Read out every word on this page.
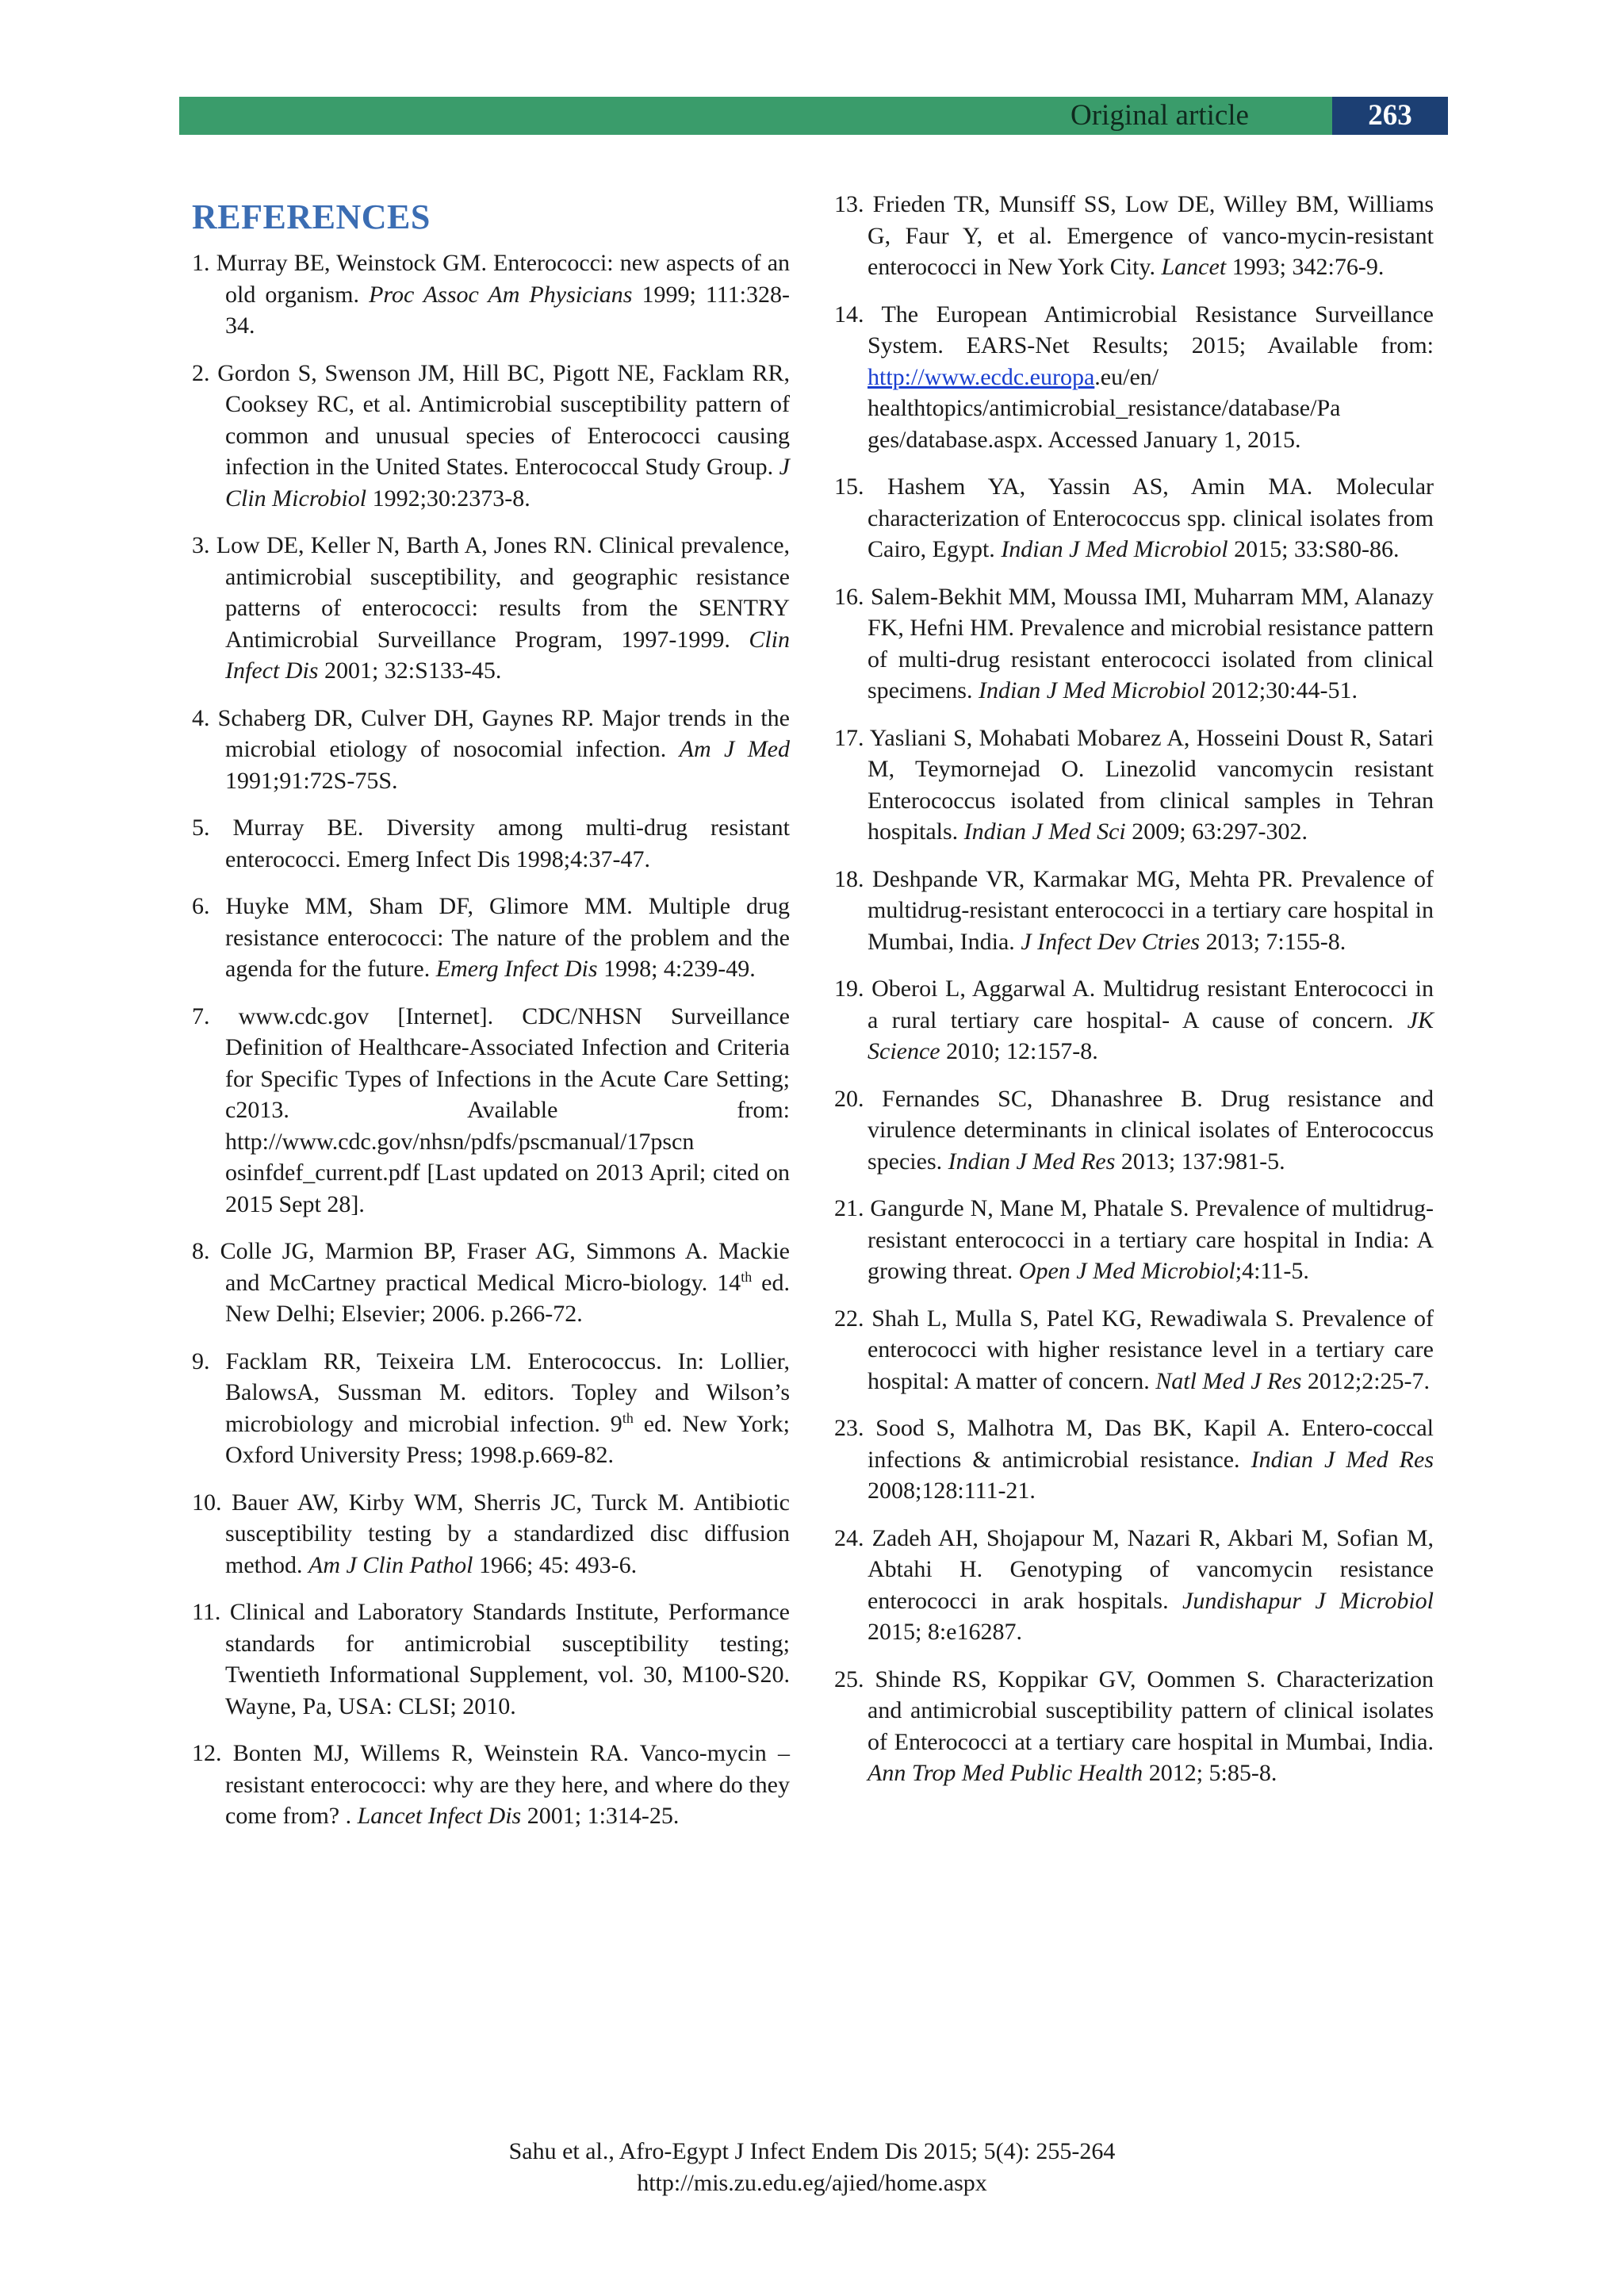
Original article	263
REFERENCES

1. Murray BE, Weinstock GM. Enterococci: new aspects of an old organism. Proc Assoc Am Physicians 1999; 111:328-34.

2. Gordon S, Swenson JM, Hill BC, Pigott NE, Facklam RR, Cooksey RC, et al. Antimicrobial susceptibility pattern of common and unusual species of Enterococci causing infection in the United States. Enterococcal Study Group. J Clin Microbiol 1992;30:2373-8.

3. Low DE, Keller N, Barth A, Jones RN. Clinical prevalence, antimicrobial susceptibility, and geographic resistance patterns of enterococci: results from the SENTRY Antimicrobial Surveillance Program, 1997-1999. Clin Infect Dis 2001; 32:S133-45.

4. Schaberg DR, Culver DH, Gaynes RP. Major trends in the microbial etiology of nosocomial infection. Am J Med 1991;91:72S-75S.

5. Murray BE. Diversity among multi-drug resistant enterococci. Emerg Infect Dis 1998;4:37-47.

6. Huyke MM, Sham DF, Glimore MM. Multiple drug resistance enterococci: The nature of the problem and the agenda for the future. Emerg Infect Dis 1998; 4:239-49.

7. www.cdc.gov [Internet]. CDC/NHSN Surveillance Definition of Healthcare-Associated Infection and Criteria for Specific Types of Infections in the Acute Care Setting; c2013. Available from: http://www.cdc.gov/nhsn/pdfs/pscmanual/17pscn osinfdef_current.pdf [Last updated on 2013 April; cited on 2015 Sept 28].

8. Colle JG, Marmion BP, Fraser AG, Simmons A. Mackie and McCartney practical Medical Micro-biology. 14th ed. New Delhi; Elsevier; 2006. p.266-72.

9. Facklam RR, Teixeira LM. Enterococcus. In: Lollier, BalowsA, Sussman M. editors. Topley and Wilson’s microbiology and microbial infection. 9th ed. New York; Oxford University Press; 1998.p.669-82.

10. Bauer AW, Kirby WM, Sherris JC, Turck M. Antibiotic susceptibility testing by a standardized disc diffusion method. Am J Clin Pathol 1966; 45: 493-6.

11. Clinical and Laboratory Standards Institute, Performance standards for antimicrobial susceptibility testing; Twentieth Informational Supplement, vol. 30, M100-S20. Wayne, Pa, USA: CLSI; 2010.

12. Bonten MJ, Willems R, Weinstein RA. Vanco-mycin –resistant enterococci: why are they here, and where do they come from? . Lancet Infect Dis 2001; 1:314-25.

13. Frieden TR, Munsiff SS, Low DE, Willey BM, Williams G, Faur Y, et al. Emergence of vanco-mycin-resistant enterococci in New York City. Lancet 1993; 342:76-9.

14. The European Antimicrobial Resistance Surveillance System. EARS-Net Results; 2015; Available from: http://www.ecdc.europa.eu/en/ healthtopics/antimicrobial_resistance/database/Pa ges/database.aspx. Accessed January 1, 2015.

15. Hashem YA, Yassin AS, Amin MA. Molecular characterization of Enterococcus spp. clinical isolates from Cairo, Egypt. Indian J Med Microbiol 2015; 33:S80-86.

16. Salem-Bekhit MM, Moussa IMI, Muharram MM, Alanazy FK, Hefni HM. Prevalence and microbial resistance pattern of multi-drug resistant enterococci isolated from clinical specimens. Indian J Med Microbiol 2012;30:44-51.

17. Yasliani S, Mohabati Mobarez A, Hosseini Doust R, Satari M, Teymornejad O. Linezolid vancomycin resistant Enterococcus isolated from clinical samples in Tehran hospitals. Indian J Med Sci 2009; 63:297-302.

18. Deshpande VR, Karmakar MG, Mehta PR. Prevalence of multidrug-resistant enterococci in a tertiary care hospital in Mumbai, India. J Infect Dev Ctries 2013; 7:155-8.

19. Oberoi L, Aggarwal A. Multidrug resistant Enterococci in a rural tertiary care hospital- A cause of concern. JK Science 2010; 12:157-8.

20. Fernandes SC, Dhanashree B. Drug resistance and virulence determinants in clinical isolates of Enterococcus species. Indian J Med Res 2013; 137:981-5.

21. Gangurde N, Mane M, Phatale S. Prevalence of multidrug-resistant enterococci in a tertiary care hospital in India: A growing threat. Open J Med Microbiol;4:11-5.

22. Shah L, Mulla S, Patel KG, Rewadiwala S. Prevalence of enterococci with higher resistance level in a tertiary care hospital: A matter of concern. Natl Med J Res 2012;2:25-7.

23. Sood S, Malhotra M, Das BK, Kapil A. Entero-coccal infections & antimicrobial resistance. Indian J Med Res 2008;128:111-21.

24. Zadeh AH, Shojapour M, Nazari R, Akbari M, Sofian M, Abtahi H. Genotyping of vancomycin resistance enterococci in arak hospitals. Jundishapur J Microbiol 2015; 8:e16287.

25. Shinde RS, Koppikar GV, Oommen S. Characterization and antimicrobial susceptibility pattern of clinical isolates of Enterococci at a tertiary care hospital in Mumbai, India. Ann Trop Med Public Health 2012; 5:85-8.

Sahu et al., Afro-Egypt J Infect Endem Dis 2015; 5(4): 255-264
http://mis.zu.edu.eg/ajied/home.aspx
